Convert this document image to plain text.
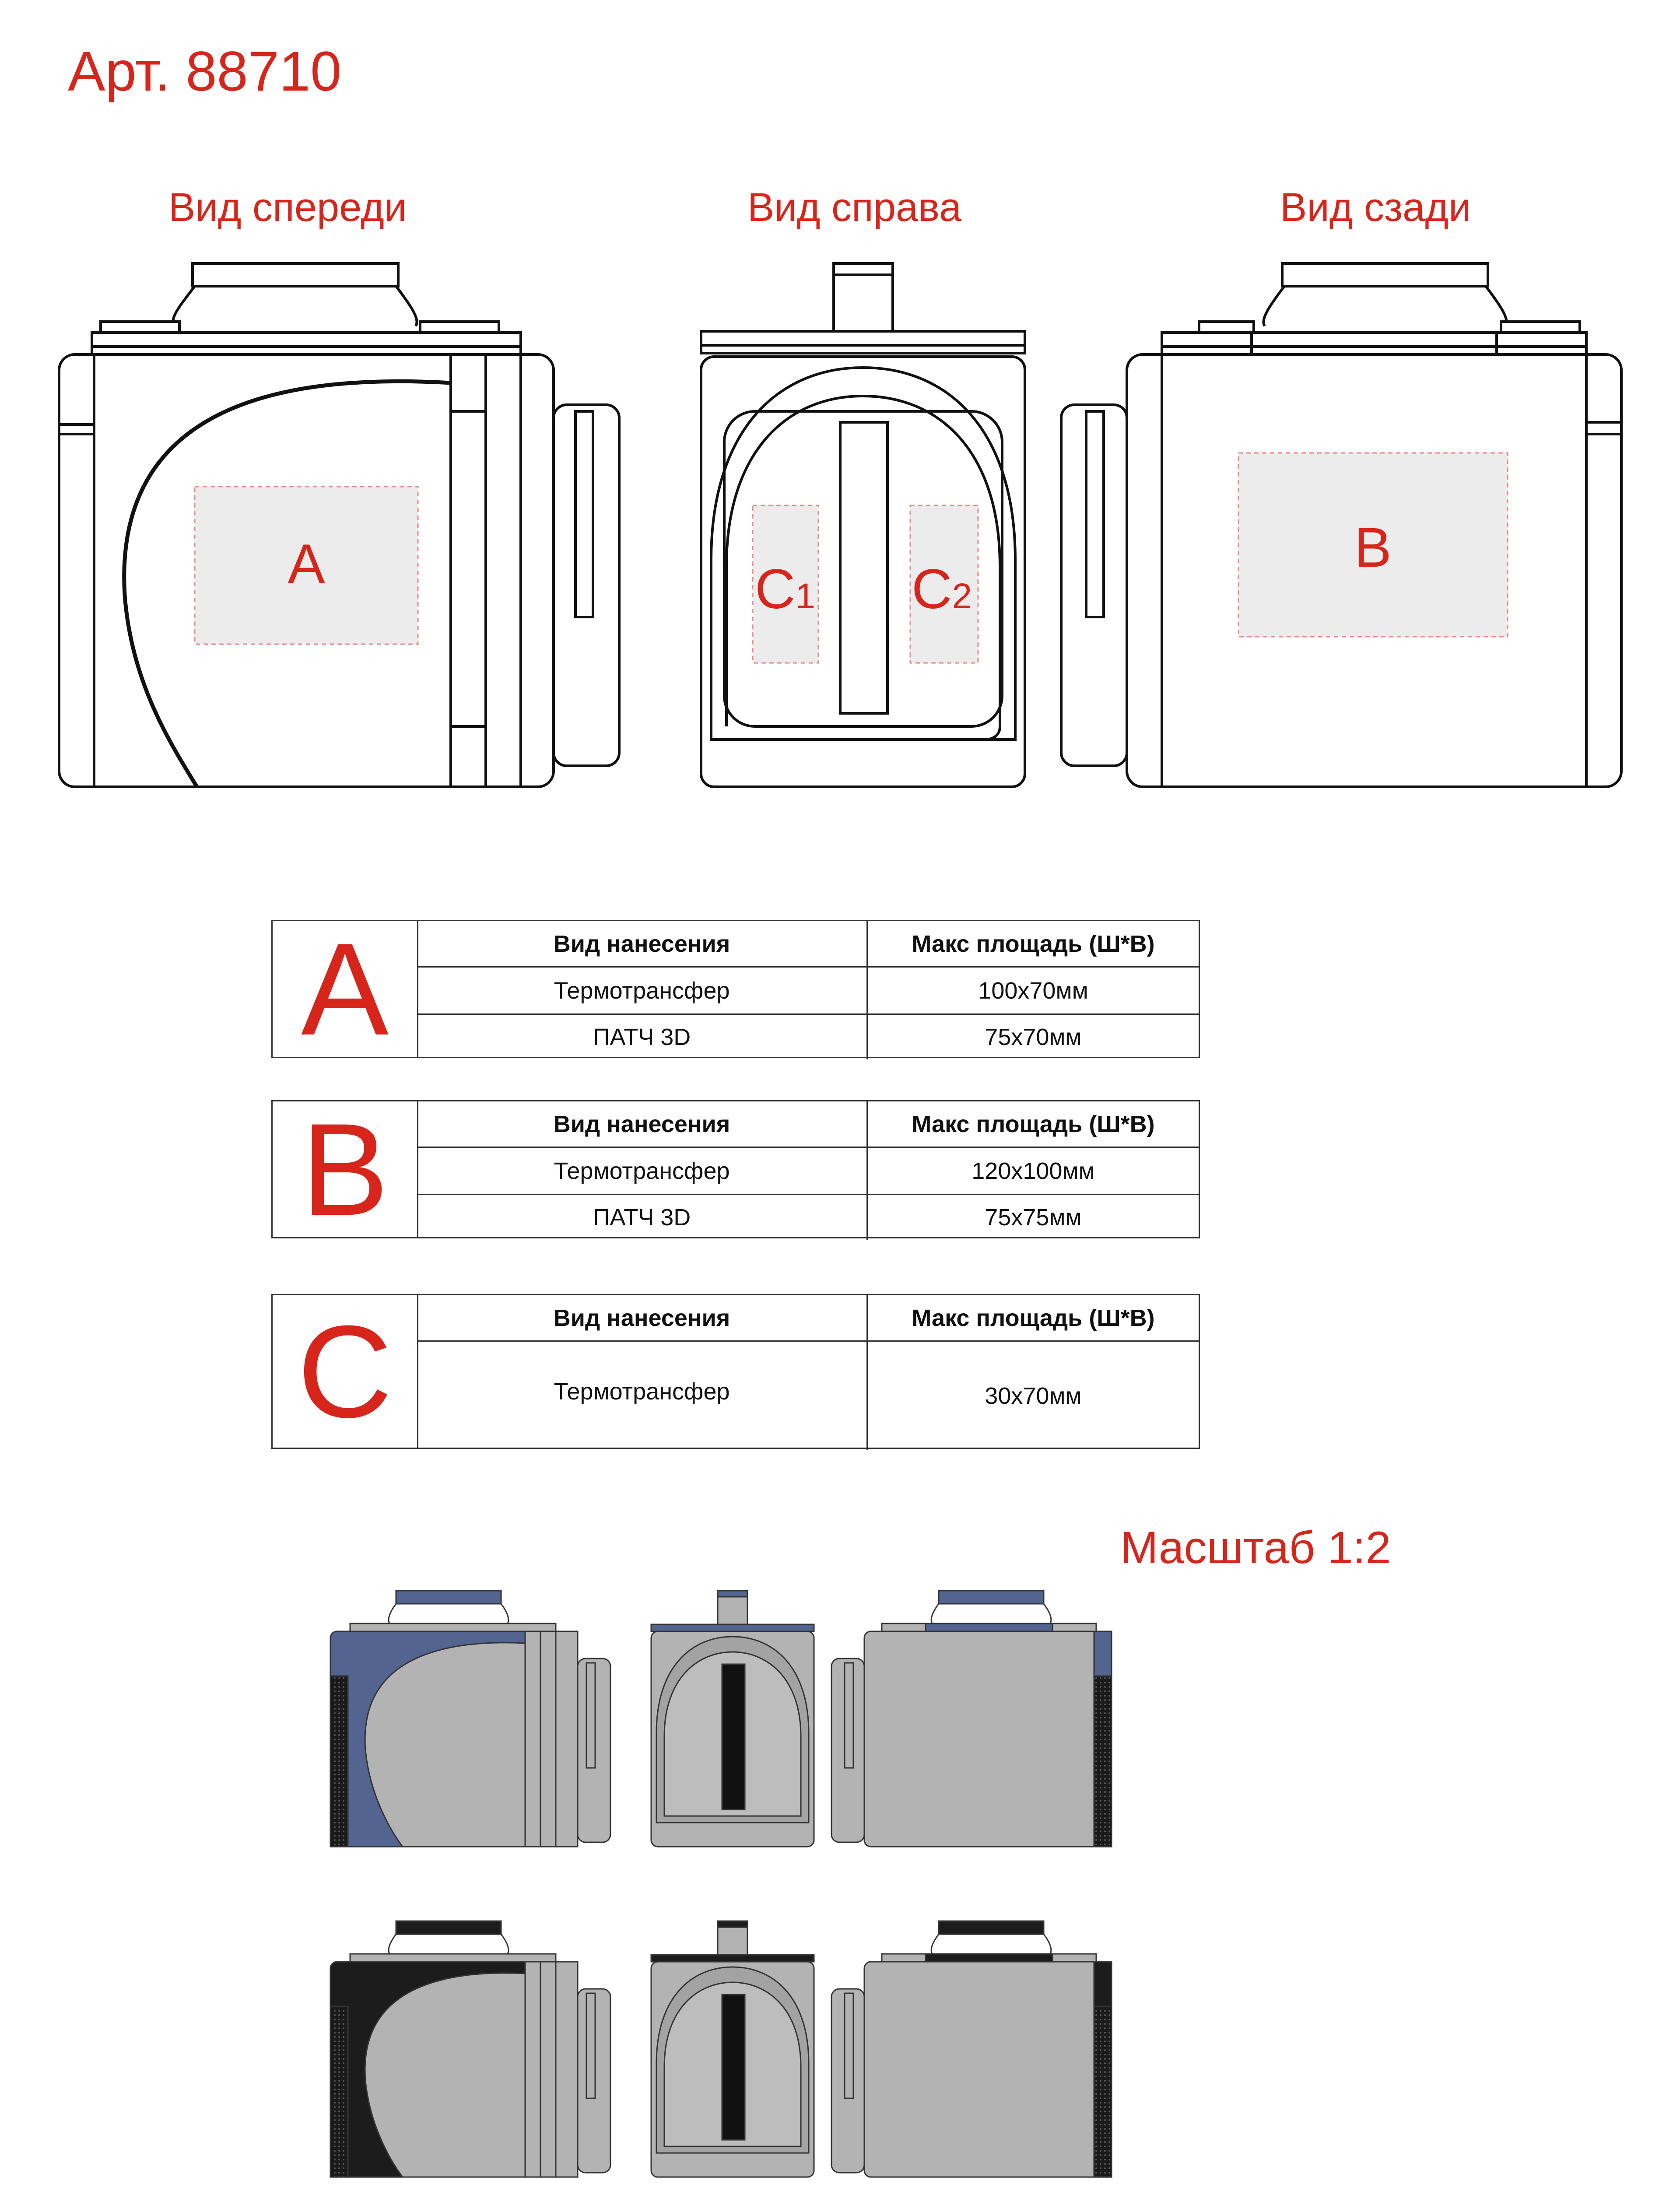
Арт. 88710
Вид спереди	Вид справа	Вид сзади
A	C1 C2
B
A	Вид нанесения	Макс площадь (Ш*В)
Термотрансфер	100х70мм
ПАТЧ 3D	75х70мм
B	Вид нанесения	Макс площадь (Ш*В)
Термотрансфер	120х100мм
ПАТЧ 3D	75х75мм
C	Вид нанесения	Макс площадь (Ш*В)
Термотрансфер	30х70мм
Масштаб 1:2
